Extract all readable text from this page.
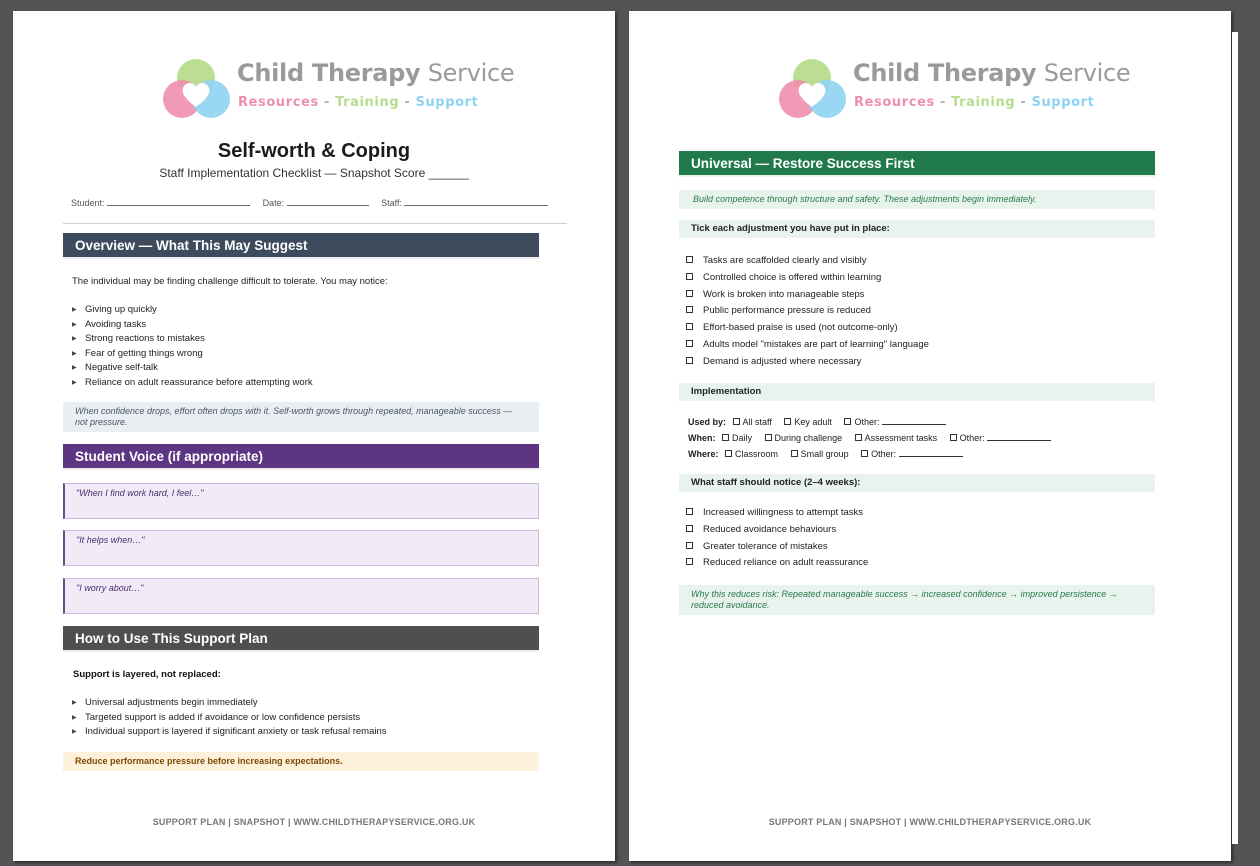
Child Therapy Service
Resources - Training - Support
Self-worth & Coping
Staff Implementation Checklist — Snapshot Score ______
Student:	Date:	Staff:
Overview — What This May Suggest
The individual may be finding challenge difficult to tolerate. You may notice:
▶ Giving up quickly
▶ Avoiding tasks
▶ Strong reactions to mistakes
▶ Fear of getting things wrong
▶ Negative self-talk
▶ Reliance on adult reassurance before attempting work
When confidence drops, effort often drops with it. Self-worth grows through repeated, manageable success — not pressure.
Student Voice (if appropriate)
"When I find work hard, I feel…"
"It helps when…"
"I worry about…"
How to Use This Support Plan
Support is layered, not replaced:
▶ Universal adjustments begin immediately
▶ Targeted support is added if avoidance or low confidence persists
▶ Individual support is layered if significant anxiety or task refusal remains
Reduce performance pressure before increasing expectations.
SUPPORT PLAN | SNAPSHOT | WWW.CHILDTHERAPYSERVICE.ORG.UK
Child Therapy Service
Resources - Training - Support
Universal — Restore Success First
Build competence through structure and safety. These adjustments begin immediately.
Tick each adjustment you have put in place:
Tasks are scaffolded clearly and visibly
Controlled choice is offered within learning
Work is broken into manageable steps
Public performance pressure is reduced
Effort-based praise is used (not outcome-only)
Adults model "mistakes are part of learning" language
Demand is adjusted where necessary
Implementation
Used by: All staff	Key adult	Other:
When: Daily	During challenge	Assessment tasks	Other:
Where: Classroom	Small group	Other:
What staff should notice (2–4 weeks):
Increased willingness to attempt tasks
Reduced avoidance behaviours
Greater tolerance of mistakes
Reduced reliance on adult reassurance
Why this reduces risk: Repeated manageable success → increased confidence → improved persistence → reduced avoidance.
SUPPORT PLAN | SNAPSHOT | WWW.CHILDTHERAPYSERVICE.ORG.UK
